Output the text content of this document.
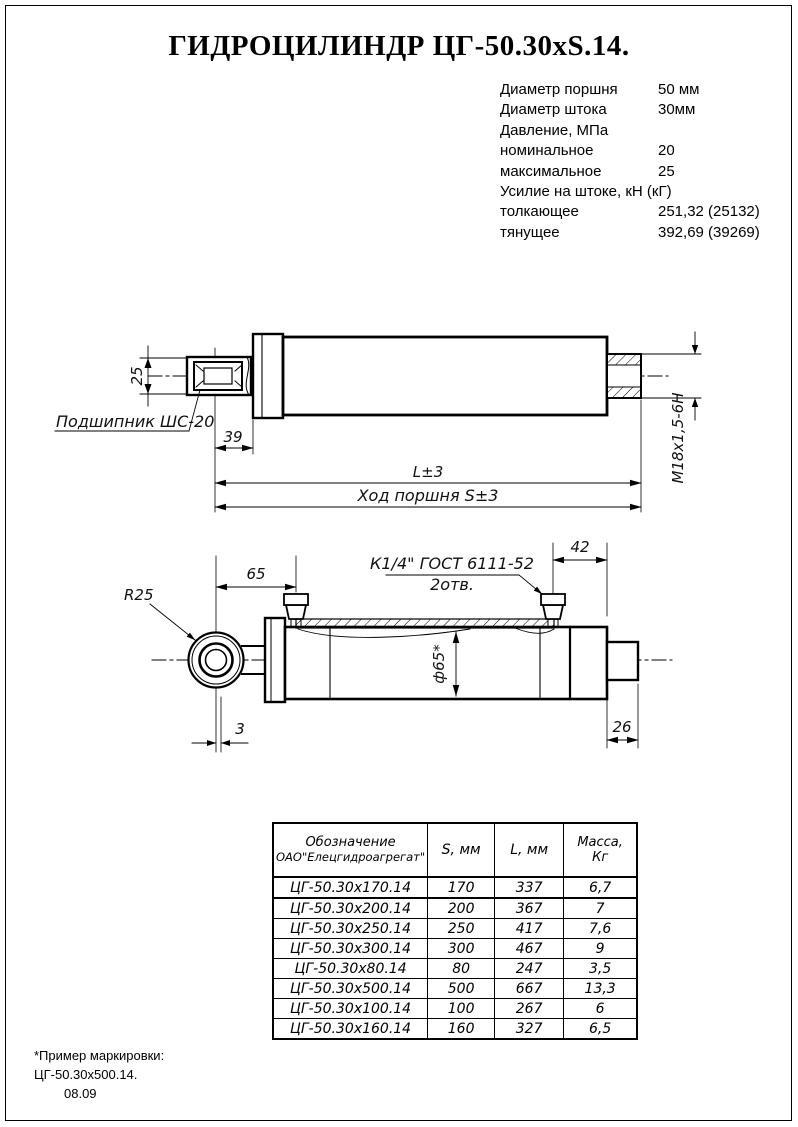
ГИДРОЦИЛИНДР ЦГ-50.30xS.14.
Диаметр поршня	50 мм
Диаметр штока	30мм
Давление, МПа
номинальное	20
максимальное	25
Усилие на штоке, кН (кГ)
толкающее	251,32 (25132)
тянущее	392,69 (39269)
25
Подшипник ШС-20
39	М18х1,5-6Н
L±3
Ход поршня S±3
65
42
К1/4" ГОСТ 6111-52
2отв.
ф65*
3	26
R25
Обозначение
ОАО"Елецгидроагрегат"	S, мм	L, мм	Масса,
Кг

ЦГ-50.30х170.14	170	337	6,7
ЦГ-50.30х200.14	200	367	7
ЦГ-50.30х250.14	250	417	7,6
ЦГ-50.30х300.14	300	467	9
ЦГ-50.30х80.14	80	247	3,5
ЦГ-50.30х500.14	500	667	13,3
ЦГ-50.30х100.14	100	267	6
ЦГ-50.30х160.14	160	327	6,5
*Пример маркировки:
ЦГ-50.30х500.14.
08.09
